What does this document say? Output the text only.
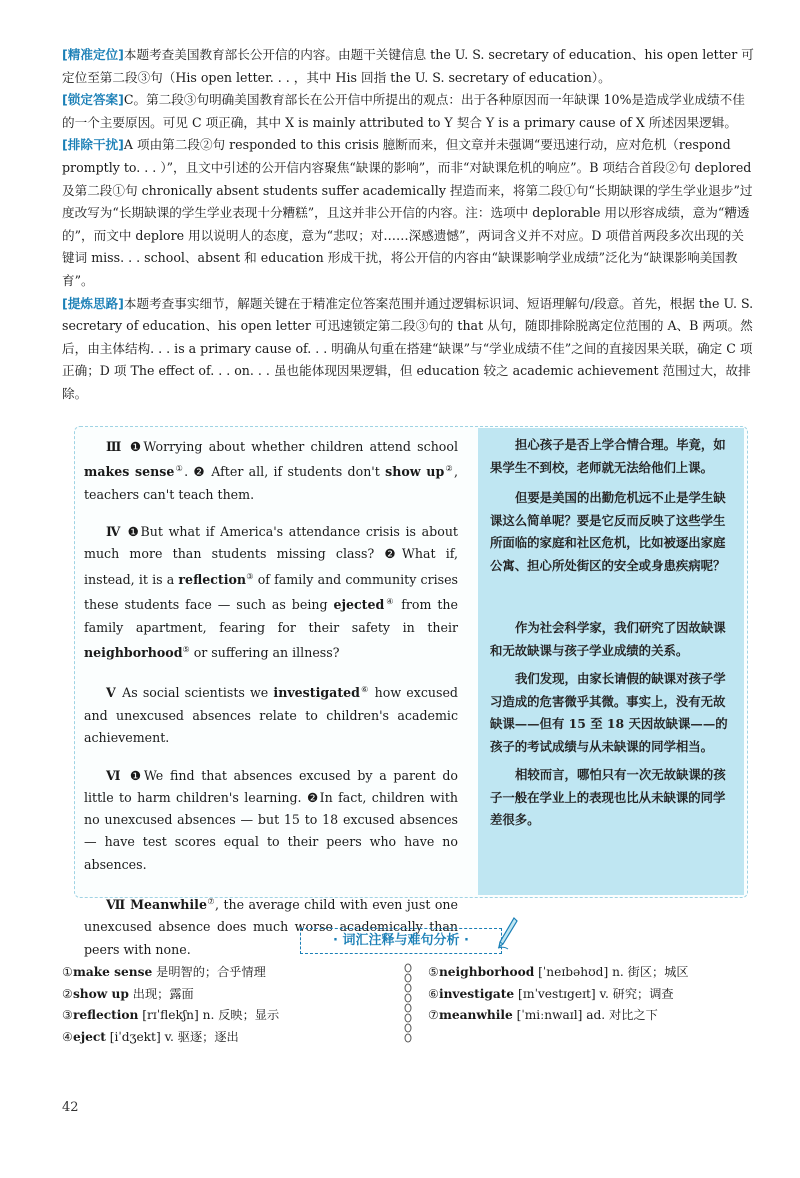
[精准定位]本题考查美国教育部长公开信的内容。由题干关键信息 the U. S. secretary of education、his open letter 可定位至第二段③句（His open letter. . . ，其中 His 回指 the U. S. secretary of education）。

[锁定答案]C。第二段③句明确美国教育部长在公开信中所提出的观点：出于各种原因而一年缺课 10%是造成学业成绩不佳的一个主要原因。可见 C 项正确，其中 X is mainly attributed to Y 契合 Y is a primary cause of X 所述因果逻辑。

[排除干扰]A 项由第二段②句 responded to this crisis 臆断而来，但文章并未强调“要迅速行动，应对危机（respond promptly to. . . ）”，且文中引述的公开信内容聚焦“缺课的影响”，而非“对缺课危机的响应”。B 项结合首段②句 deplored 及第二段①句 chronically absent students suffer academically 捏造而来，将第二段①句“长期缺课的学生学业退步”过度改写为“长期缺课的学生学业表现十分糟糕”，且这并非公开信的内容。注：选项中 deplorable 用以形容成绩，意为“糟透的”，而文中 deplore 用以说明人的态度，意为“悲叹；对……深感遗憾”，两词含义并不对应。D 项借首两段多次出现的关键词 miss. . . school、absent 和 education 形成干扰，将公开信的内容由“缺课影响学业成绩”泛化为“缺课影响美国教育”。

[提炼思路]本题考查事实细节，解题关键在于精准定位答案范围并通过逻辑标识词、短语理解句/段意。首先，根据 the U. S. secretary of education、his open letter 可迅速锁定第二段③句的 that 从句，随即排除脱离定位范围的 A、B 两项。然后，由主体结构. . . is a primary cause of. . . 明确从句重在搭建“缺课”与“学业成绩不佳”之间的直接因果关联，确定 C 项正确；D 项 The effect of. . . on. . . 虽也能体现因果逻辑，但 education 较之 academic achievement 范围过大，故排除。

Ⅲ ❶Worrying about whether children attend school makes sense①. ❷ After all, if students don't show up②, teachers can't teach them.

Ⅳ ❶But what if America's attendance crisis is about much more than students missing class? ❷What if, instead, it is a reflection③ of family and community crises these students face — such as being ejected④ from the family apartment, fearing for their safety in their neighborhood⑤ or suffering an illness?

Ⅴ As social scientists we investigated⑥ how excused and unexcused absences relate to children's academic achievement.

Ⅵ ❶We find that absences excused by a parent do little to harm children's learning. ❷In fact, children with no unexcused absences — but 15 to 18 excused absences — have test scores equal to their peers who have no absences.

Ⅶ Meanwhile⑦, the average child with even just one unexcused absence does much worse academically than peers with none.

担心孩子是否上学合情合理。毕竟，如果学生不到校，老师就无法给他们上课。

但要是美国的出勤危机远不止是学生缺课这么简单呢？要是它反而反映了这些学生所面临的家庭和社区危机，比如被逐出家庭公寓、担心所处街区的安全或身患疾病呢？

作为社会科学家，我们研究了因故缺课和无故缺课与孩子学业成绩的关系。

我们发现，由家长请假的缺课对孩子学习造成的危害微乎其微。事实上，没有无故缺课——但有 15 至 18 天因故缺课——的孩子的考试成绩与从未缺课的同学相当。

相较而言，哪怕只有一次无故缺课的孩子一般在学业上的表现也比从未缺课的同学差很多。

· 词汇注释与难句分析 ·
①make sense 是明智的；合乎情理
②show up 出现；露面
③reflection [rɪˈflekʃn] n. 反映；显示
④eject [iˈdʒekt] v. 驱逐；逐出
⑤neighborhood [ˈneɪbəhʊd] n. 街区；城区
⑥investigate [ɪnˈvestɪgeɪt] v. 研究；调查
⑦meanwhile [ˈmiːnwaɪl] ad. 对比之下
42
